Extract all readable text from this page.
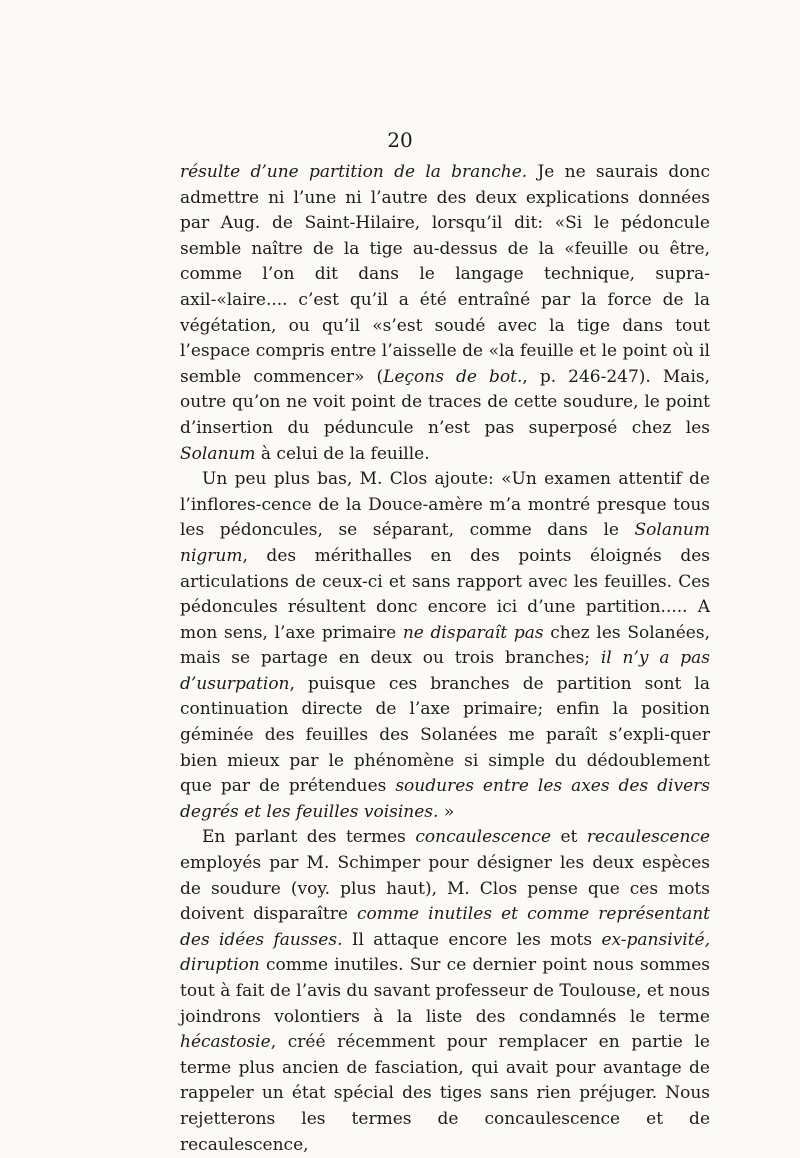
20

résulte d’une partition de la branche. Je ne saurais donc admettre ni l’une ni l’autre des deux explications données par Aug. de Saint-Hilaire, lorsqu’il dit: «Si le pédoncule semble naître de la tige au-dessus de la «feuille ou être, comme l’on dit dans le langage technique, supra-axil-«laire.... c’est qu’il a été entraîné par la force de la végétation, ou qu’il «s’est soudé avec la tige dans tout l’espace compris entre l’aisselle de «la feuille et le point où il semble commencer» (Leçons de bot., p. 246-247). Mais, outre qu’on ne voit point de traces de cette soudure, le point d’insertion du péduncule n’est pas superposé chez les Solanum à celui de la feuille.

Un peu plus bas, M. Clos ajoute: «Un examen attentif de l’inflores-cence de la Douce-amère m’a montré presque tous les pédoncules, se séparant, comme dans le Solanum nigrum, des mérithalles en des points éloignés des articulations de ceux-ci et sans rapport avec les feuilles. Ces pédoncules résultent donc encore ici d’une partition..... A mon sens, l’axe primaire ne disparaît pas chez les Solanées, mais se partage en deux ou trois branches; il n’y a pas d’usurpation, puisque ces branches de partition sont la continuation directe de l’axe primaire; enfin la position géminée des feuilles des Solanées me paraît s’expli-quer bien mieux par le phénomène si simple du dédoublement que par de prétendues soudures entre les axes des divers degrés et les feuilles voisines. »

En parlant des termes concaulescence et recaulescence employés par M. Schimper pour désigner les deux espèces de soudure (voy. plus haut), M. Clos pense que ces mots doivent disparaître comme inutiles et comme représentant des idées fausses. Il attaque encore les mots ex-pansivité, diruption comme inutiles. Sur ce dernier point nous sommes tout à fait de l’avis du savant professeur de Toulouse, et nous joindrons volontiers à la liste des condamnés le terme hécastosie, créé récemment pour remplacer en partie le terme plus ancien de fasciation, qui avait pour avantage de rappeler un état spécial des tiges sans rien préjuger. Nous rejetterons les termes de concaulescence et de recaulescence,
